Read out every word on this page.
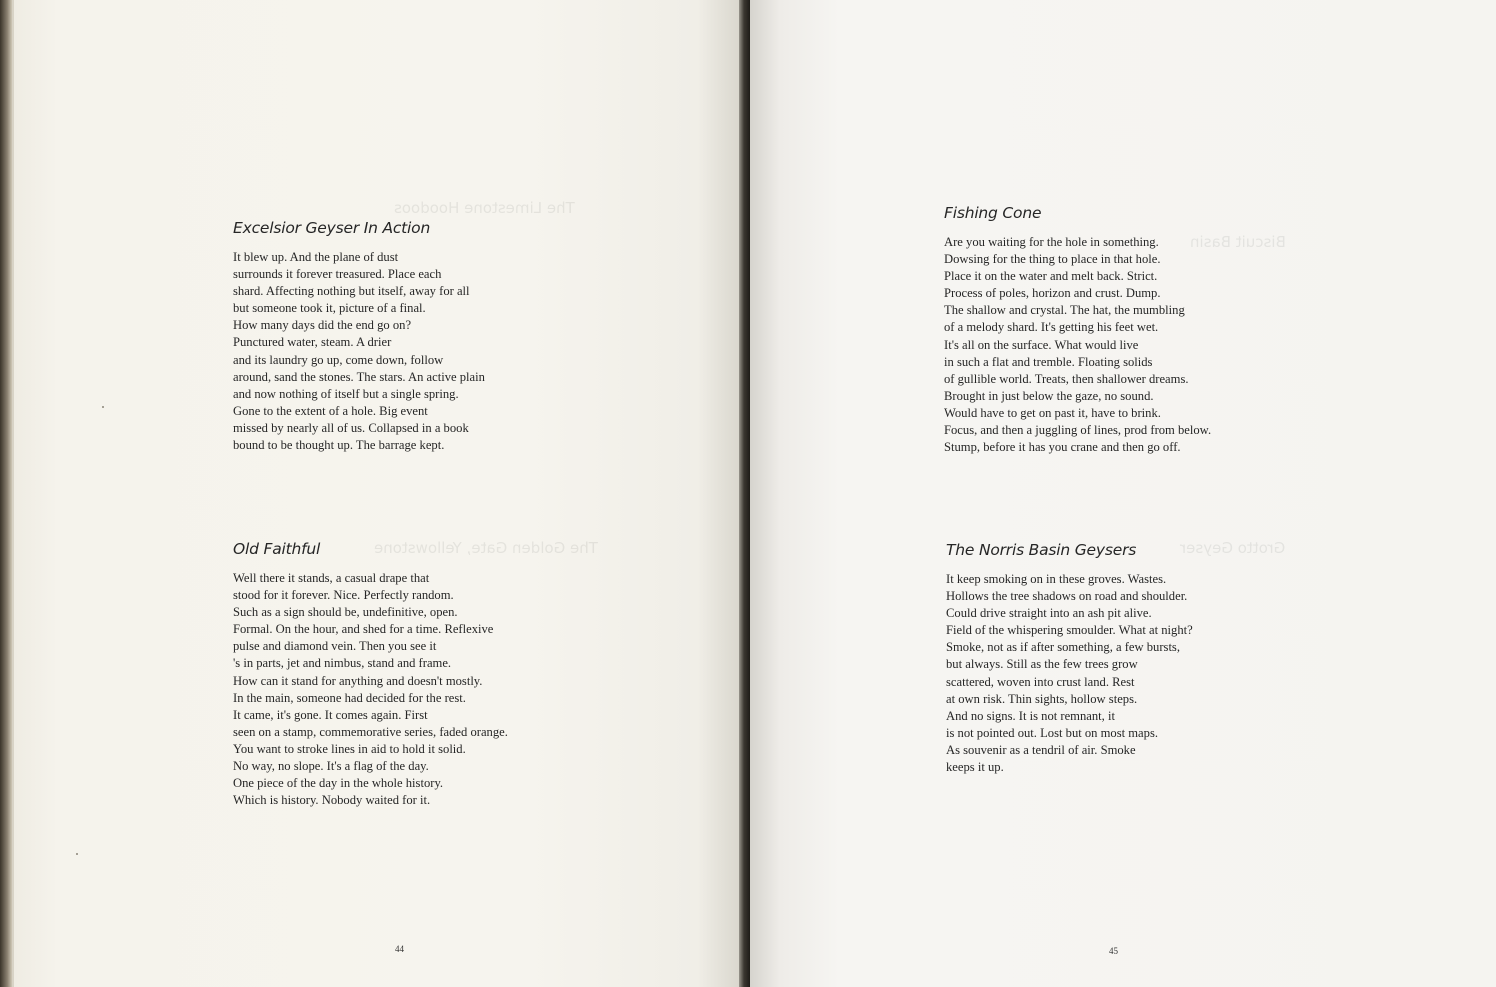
The Limestone Hoodoos
The Golden Gate, Yellowstone
Excelsior Geyser In Action
It blew up. And the plane of dust
surrounds it forever treasured. Place each
shard. Affecting nothing but itself, away for all
but someone took it, picture of a final.
How many days did the end go on?
Punctured water, steam. A drier
and its laundry go up, come down, follow
around, sand the stones. The stars. An active plain
and now nothing of itself but a single spring.
Gone to the extent of a hole. Big event
missed by nearly all of us. Collapsed in a book
bound to be thought up. The barrage kept.
Old Faithful
Well there it stands, a casual drape that
stood for it forever. Nice. Perfectly random.
Such as a sign should be, undefinitive, open.
Formal. On the hour, and shed for a time. Reflexive
pulse and diamond vein. Then you see it
's in parts, jet and nimbus, stand and frame.
How can it stand for anything and doesn't mostly.
In the main, someone had decided for the rest.
It came, it's gone. It comes again. First
seen on a stamp, commemorative series, faded orange.
You want to stroke lines in aid to hold it solid.
No way, no slope. It's a flag of the day.
One piece of the day in the whole history.
Which is history. Nobody waited for it.
44
Biscuit Basin
Grotto Geyser
Fishing Cone
Are you waiting for the hole in something.
Dowsing for the thing to place in that hole.
Place it on the water and melt back. Strict.
Process of poles, horizon and crust. Dump.
The shallow and crystal. The hat, the mumbling
of a melody shard. It's getting his feet wet.
It's all on the surface. What would live
in such a flat and tremble. Floating solids
of gullible world. Treats, then shallower dreams.
Brought in just below the gaze, no sound.
Would have to get on past it, have to brink.
Focus, and then a juggling of lines, prod from below.
Stump, before it has you crane and then go off.
The Norris Basin Geysers
It keep smoking on in these groves. Wastes.
Hollows the tree shadows on road and shoulder.
Could drive straight into an ash pit alive.
Field of the whispering smoulder. What at night?
Smoke, not as if after something, a few bursts,
but always. Still as the few trees grow
scattered, woven into crust land. Rest
at own risk. Thin sights, hollow steps.
And no signs. It is not remnant, it
is not pointed out. Lost but on most maps.
As souvenir as a tendril of air. Smoke
keeps it up.
45
